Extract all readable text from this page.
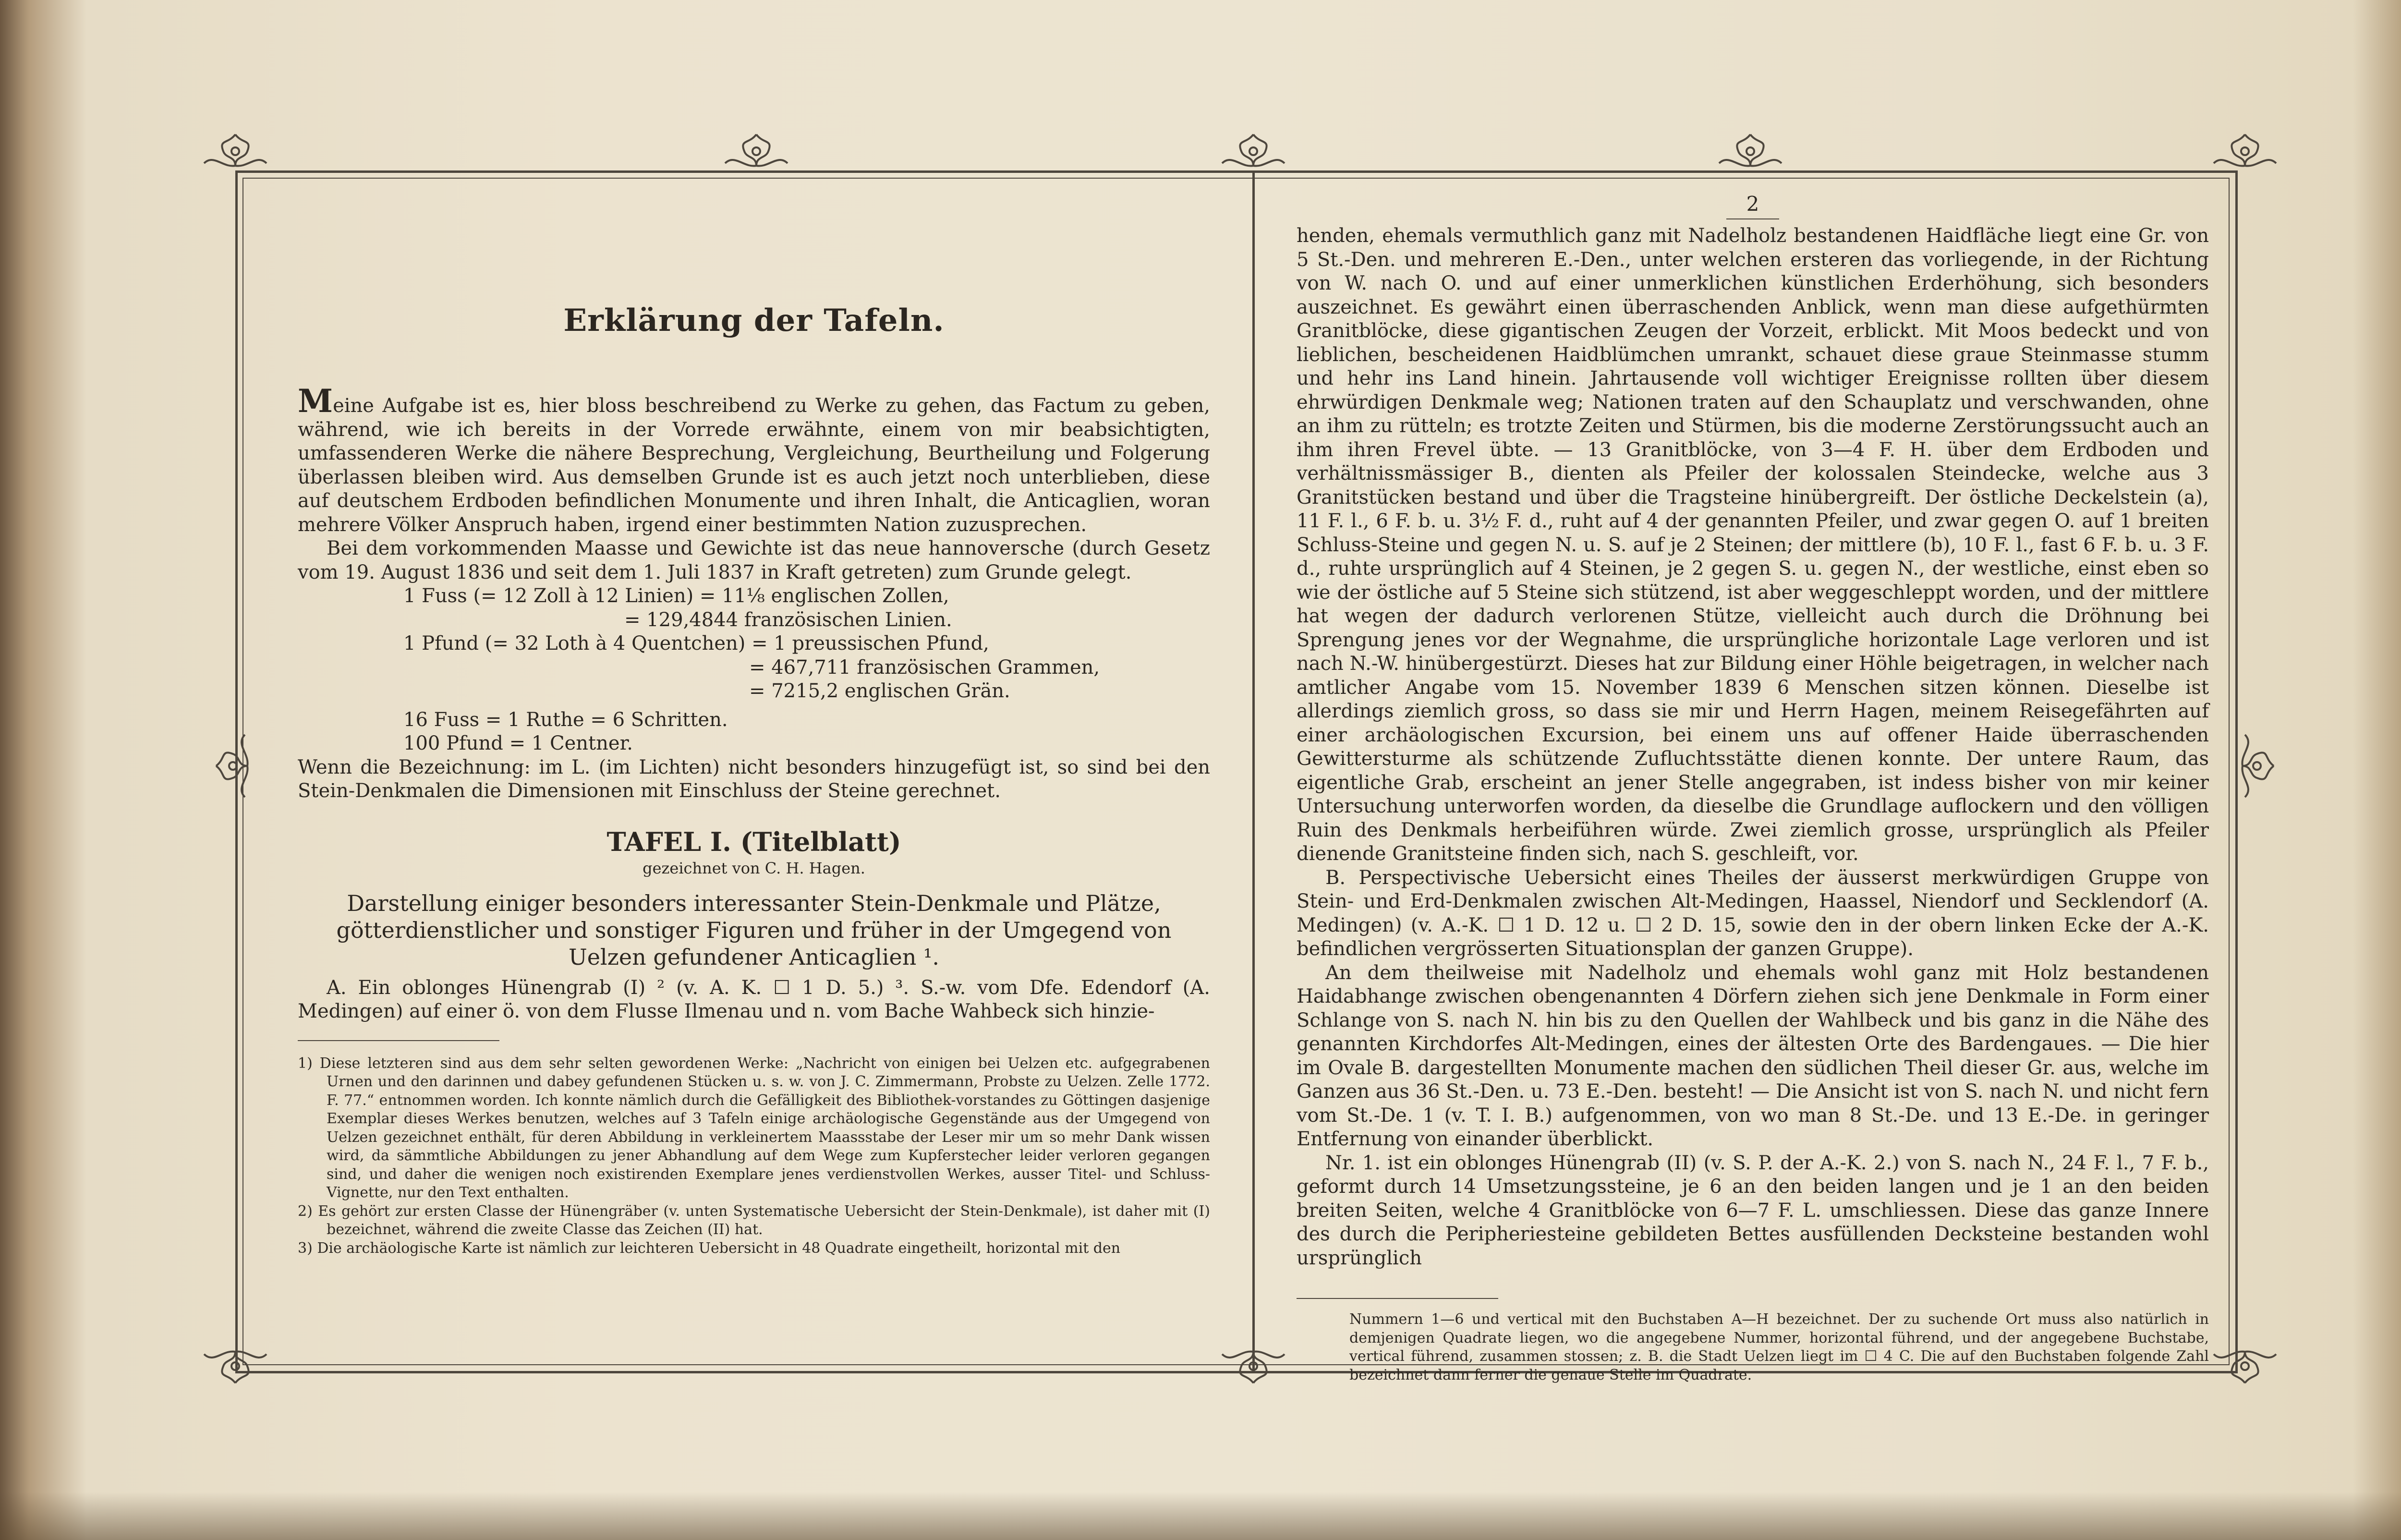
Erklärung der Tafeln.

Meine Aufgabe ist es, hier bloss beschreibend zu Werke zu gehen, das Factum zu geben, während, wie ich bereits in der Vorrede erwähnte, einem von mir beabsichtigten, umfassenderen Werke die nähere Besprechung, Vergleichung, Beurtheilung und Folgerung überlassen bleiben wird. Aus demselben Grunde ist es auch jetzt noch unterblieben, diese auf deutschem Erdboden befindlichen Monumente und ihren Inhalt, die Anticaglien, woran mehrere Völker Anspruch haben, irgend einer bestimmten Nation zuzusprechen.

Bei dem vorkommenden Maasse und Gewichte ist das neue hannoversche (durch Gesetz vom 19. August 1836 und seit dem 1. Juli 1837 in Kraft getreten) zum Grunde gelegt.

1 Fuss (= 12 Zoll à 12 Linien) = 11⅛ englischen Zollen,

= 129,4844 französischen Linien.

1 Pfund (= 32 Loth à 4 Quentchen) = 1 preussischen Pfund,

= 467,711 französischen Grammen,

= 7215,2 englischen Grän.

16 Fuss = 1 Ruthe = 6 Schritten.

100 Pfund = 1 Centner.

Wenn die Bezeichnung: im L. (im Lichten) nicht besonders hinzugefügt ist, so sind bei den Stein-Denkmalen die Dimensionen mit Einschluss der Steine gerechnet.

TAFEL I. (Titelblatt)
gezeichnet von C. H. Hagen.
Darstellung einiger besonders interessanter Stein-Denkmale und Plätze, götterdienstlicher und sonstiger Figuren und früher in der Umgegend von Uelzen gefundener Anticaglien ¹.

A. Ein oblonges Hünengrab (I) ² (v. A. K. ☐ 1 D. 5.) ³. S.-w. vom Dfe. Edendorf (A. Medingen) auf einer ö. von dem Flusse Ilmenau und n. vom Bache Wahbeck sich hinzie-

1) Diese letzteren sind aus dem sehr selten gewordenen Werke: „Nachricht von einigen bei Uelzen etc. aufgegrabenen Urnen und den darinnen und dabey gefundenen Stücken u. s. w. von J. C. Zimmermann, Probste zu Uelzen. Zelle 1772. F. 77.“ entnommen worden. Ich konnte nämlich durch die Gefälligkeit des Bibliothek-vorstandes zu Göttingen dasjenige Exemplar dieses Werkes benutzen, welches auf 3 Tafeln einige archäologische Gegenstände aus der Umgegend von Uelzen gezeichnet enthält, für deren Abbildung in verkleinertem Maassstabe der Leser mir um so mehr Dank wissen wird, da sämmtliche Abbildungen zu jener Abhandlung auf dem Wege zum Kupferstecher leider verloren gegangen sind, und daher die wenigen noch existirenden Exemplare jenes verdienstvollen Werkes, ausser Titel- und Schluss-Vignette, nur den Text enthalten.

2) Es gehört zur ersten Classe der Hünengräber (v. unten Systematische Uebersicht der Stein-Denkmale), ist daher mit (I) bezeichnet, während die zweite Classe das Zeichen (II) hat.

3) Die archäologische Karte ist nämlich zur leichteren Uebersicht in 48 Quadrate eingetheilt, horizontal mit den

2

henden, ehemals vermuthlich ganz mit Nadelholz bestandenen Haidfläche liegt eine Gr. von 5 St.-Den. und mehreren E.-Den., unter welchen ersteren das vorliegende, in der Richtung von W. nach O. und auf einer unmerklichen künstlichen Erderhöhung, sich besonders auszeichnet. Es gewährt einen überraschenden Anblick, wenn man diese aufgethürmten Granitblöcke, diese gigantischen Zeugen der Vorzeit, erblickt. Mit Moos bedeckt und von lieblichen, bescheidenen Haidblümchen umrankt, schauet diese graue Steinmasse stumm und hehr ins Land hinein. Jahrtausende voll wichtiger Ereignisse rollten über diesem ehrwürdigen Denkmale weg; Nationen traten auf den Schauplatz und verschwanden, ohne an ihm zu rütteln; es trotzte Zeiten und Stürmen, bis die moderne Zerstörungssucht auch an ihm ihren Frevel übte. — 13 Granitblöcke, von 3—4 F. H. über dem Erdboden und verhältnissmässiger B., dienten als Pfeiler der kolossalen Steindecke, welche aus 3 Granitstücken bestand und über die Tragsteine hinübergreift. Der östliche Deckelstein (a), 11 F. l., 6 F. b. u. 3½ F. d., ruht auf 4 der genannten Pfeiler, und zwar gegen O. auf 1 breiten Schluss-Steine und gegen N. u. S. auf je 2 Steinen; der mittlere (b), 10 F. l., fast 6 F. b. u. 3 F. d., ruhte ursprünglich auf 4 Steinen, je 2 gegen S. u. gegen N., der westliche, einst eben so wie der östliche auf 5 Steine sich stützend, ist aber weggeschleppt worden, und der mittlere hat wegen der dadurch verlorenen Stütze, vielleicht auch durch die Dröhnung bei Sprengung jenes vor der Wegnahme, die ursprüngliche horizontale Lage verloren und ist nach N.-W. hinübergestürzt. Dieses hat zur Bildung einer Höhle beigetragen, in welcher nach amtlicher Angabe vom 15. November 1839 6 Menschen sitzen können. Dieselbe ist allerdings ziemlich gross, so dass sie mir und Herrn Hagen, meinem Reisegefährten auf einer archäologischen Excursion, bei einem uns auf offener Haide überraschenden Gewittersturme als schützende Zufluchtsstätte dienen konnte. Der untere Raum, das eigentliche Grab, erscheint an jener Stelle angegraben, ist indess bisher von mir keiner Untersuchung unterworfen worden, da dieselbe die Grundlage auflockern und den völligen Ruin des Denkmals herbeiführen würde. Zwei ziemlich grosse, ursprünglich als Pfeiler dienende Granitsteine finden sich, nach S. geschleift, vor.

B. Perspectivische Uebersicht eines Theiles der äusserst merkwürdigen Gruppe von Stein- und Erd-Denkmalen zwischen Alt-Medingen, Haassel, Niendorf und Secklendorf (A. Medingen) (v. A.-K. ☐ 1 D. 12 u. ☐ 2 D. 15, sowie den in der obern linken Ecke der A.-K. befindlichen vergrösserten Situationsplan der ganzen Gruppe).

An dem theilweise mit Nadelholz und ehemals wohl ganz mit Holz bestandenen Haidabhange zwischen obengenannten 4 Dörfern ziehen sich jene Denkmale in Form einer Schlange von S. nach N. hin bis zu den Quellen der Wahlbeck und bis ganz in die Nähe des genannten Kirchdorfes Alt-Medingen, eines der ältesten Orte des Bardengaues. — Die hier im Ovale B. dargestellten Monumente machen den südlichen Theil dieser Gr. aus, welche im Ganzen aus 36 St.-Den. u. 73 E.-Den. besteht! — Die Ansicht ist von S. nach N. und nicht fern vom St.-De. 1 (v. T. I. B.) aufgenommen, von wo man 8 St.-De. und 13 E.-De. in geringer Entfernung von einander überblickt.

Nr. 1. ist ein oblonges Hünengrab (II) (v. S. P. der A.-K. 2.) von S. nach N., 24 F. l., 7 F. b., geformt durch 14 Umsetzungssteine, je 6 an den beiden langen und je 1 an den beiden breiten Seiten, welche 4 Granitblöcke von 6—7 F. L. umschliessen. Diese das ganze Innere des durch die Peripheriesteine gebildeten Bettes ausfüllenden Decksteine bestanden wohl ursprünglich

Nummern 1—6 und vertical mit den Buchstaben A—H bezeichnet. Der zu suchende Ort muss also natürlich in demjenigen Quadrate liegen, wo die angegebene Nummer, horizontal führend, und der angegebene Buchstabe, vertical führend, zusammen stossen; z. B. die Stadt Uelzen liegt im ☐ 4 C. Die auf den Buchstaben folgende Zahl bezeichnet dann ferner die genaue Stelle im Quadrate.
